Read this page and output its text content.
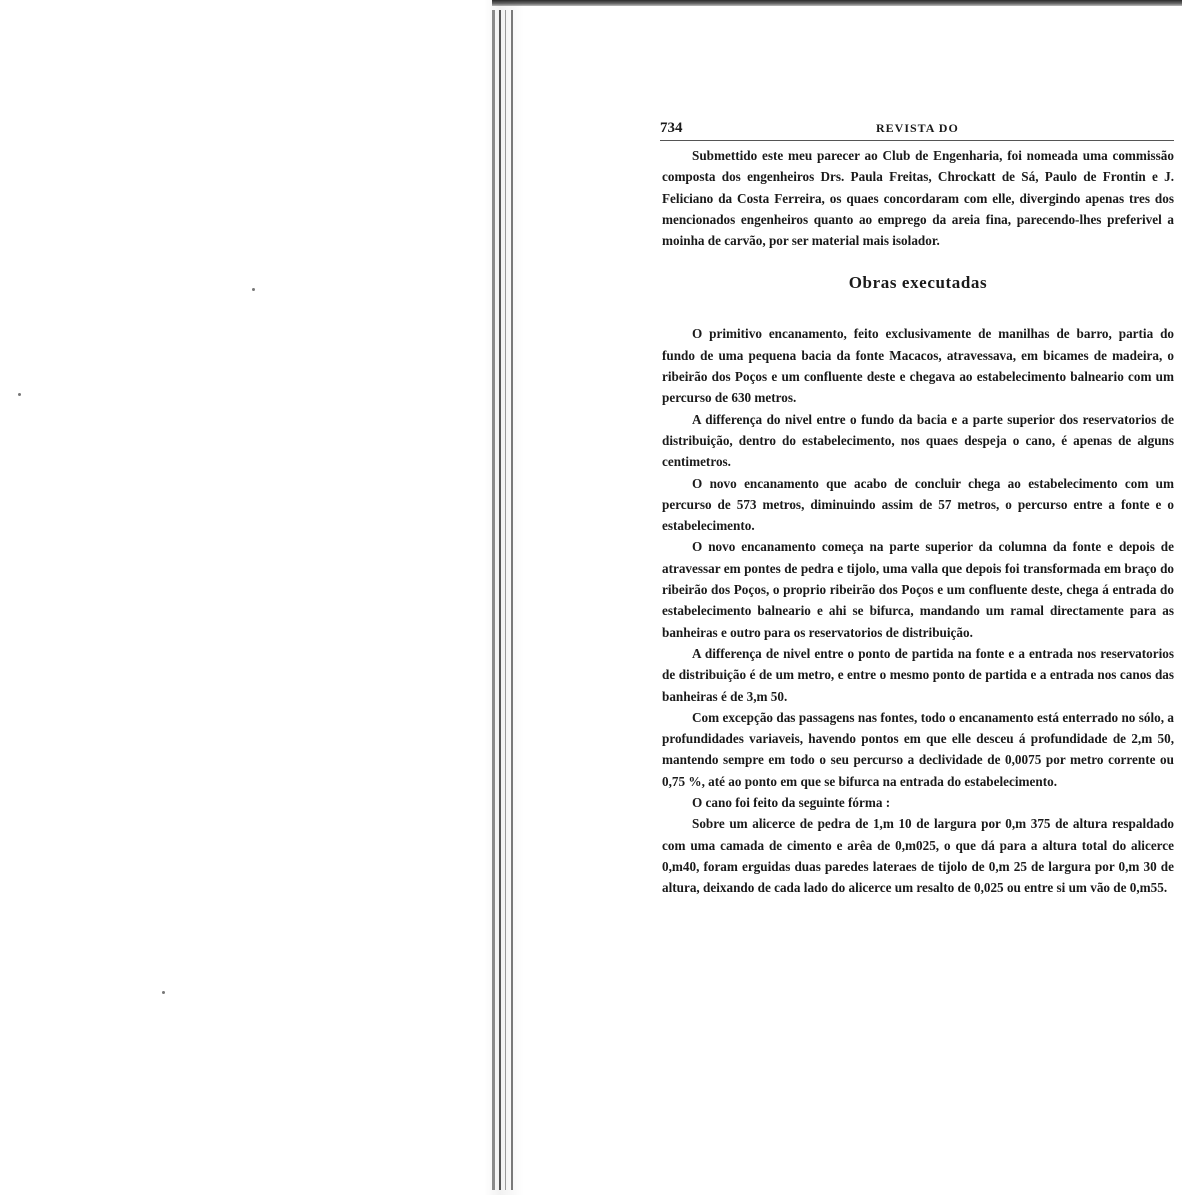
734	REVISTA DO

Submettido este meu parecer ao Club de Engenharia, foi nomeada uma commissão composta dos engenheiros Drs. Paula Freitas, Chrockatt de Sá, Paulo de Frontin e J. Feliciano da Costa Ferreira, os quaes concordaram com elle, divergindo apenas tres dos mencionados engenheiros quanto ao emprego da areia fina, parecendo-lhes preferivel a moinha de carvão, por ser material mais isolador.

Obras executadas

O primitivo encanamento, feito exclusivamente de manilhas de barro, partia do fundo de uma pequena bacia da fonte Macacos, atravessava, em bicames de madeira, o ribeirão dos Poços e um confluente deste e chegava ao estabelecimento balneario com um percurso de 630 metros.

A differença do nivel entre o fundo da bacia e a parte superior dos reservatorios de distribuição, dentro do estabelecimento, nos quaes despeja o cano, é apenas de alguns centimetros.

O novo encanamento que acabo de concluir chega ao estabelecimento com um percurso de 573 metros, diminuindo assim de 57 metros, o percurso entre a fonte e o estabelecimento.

O novo encanamento começa na parte superior da columna da fonte e depois de atravessar em pontes de pedra e tijolo, uma valla que depois foi transformada em braço do ribeirão dos Poços, o proprio ribeirão dos Poços e um confluente deste, chega á entrada do estabelecimento balneario e ahi se bifurca, mandando um ramal directamente para as banheiras e outro para os reservatorios de distribuição.

A differença de nivel entre o ponto de partida na fonte e a entrada nos reservatorios de distribuição é de um metro, e entre o mesmo ponto de partida e a entrada nos canos das banheiras é de 3,m 50.

Com excepção das passagens nas fontes, todo o encanamento está enterrado no sólo, a profundidades variaveis, havendo pontos em que elle desceu á profundidade de 2,m 50, mantendo sempre em todo o seu percurso a declividade de 0,0075 por metro corrente ou 0,75 %, até ao ponto em que se bifurca na entrada do estabelecimento.

O cano foi feito da seguinte fórma :

Sobre um alicerce de pedra de 1,m 10 de largura por 0,m 375 de altura respaldado com uma camada de cimento e arêa de 0,m025, o que dá para a altura total do alicerce 0,m40, foram erguidas duas paredes lateraes de tijolo de 0,m 25 de largura por 0,m 30 de altura, deixando de cada lado do alicerce um resalto de 0,025 ou entre si um vão de 0,m55.
